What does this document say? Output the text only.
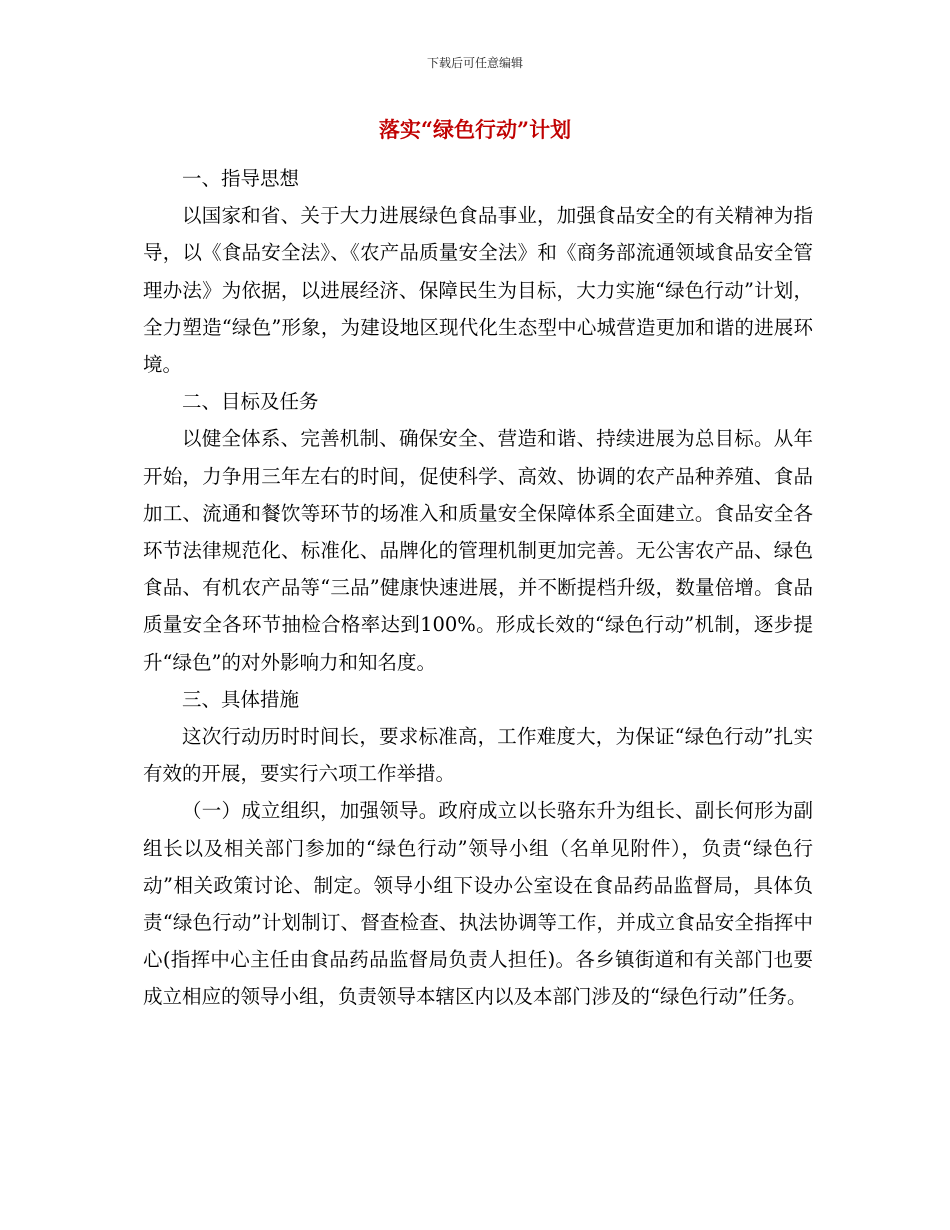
下载后可任意编辑
落实“绿色行动”计划
一、指导思想
以国家和省、关于大力进展绿色食品事业，加强食品安全的有关精神为指导，以《食品安全法》、《农产品质量安全法》和《商务部流通领域食品安全管理办法》为依据，以进展经济、保障民生为目标，大力实施“绿色行动”计划，全力塑造“绿色”形象，为建设地区现代化生态型中心城营造更加和谐的进展环境。
二、目标及任务
以健全体系、完善机制、确保安全、营造和谐、持续进展为总目标。从年开始，力争用三年左右的时间，促使科学、高效、协调的农产品种养殖、食品加工、流通和餐饮等环节的场准入和质量安全保障体系全面建立。食品安全各环节法律规范化、标准化、品牌化的管理机制更加完善。无公害农产品、绿色食品、有机农产品等“三品”健康快速进展，并不断提档升级，数量倍增。食品质量安全各环节抽检合格率达到100%。形成长效的“绿色行动”机制，逐步提升“绿色”的对外影响力和知名度。
三、具体措施
这次行动历时时间长，要求标准高，工作难度大，为保证“绿色行动”扎实有效的开展，要实行六项工作举措。
（一）成立组织，加强领导。政府成立以长骆东升为组长、副长何形为副组长以及相关部门参加的“绿色行动”领导小组（名单见附件），负责“绿色行动”相关政策讨论、制定。领导小组下设办公室设在食品药品监督局，具体负责“绿色行动”计划制订、督查检查、执法协调等工作，并成立食品安全指挥中心(指挥中心主任由食品药品监督局负责人担任)。各乡镇街道和有关部门也要成立相应的领导小组，负责领导本辖区内以及本部门涉及的“绿色行动”任务。
